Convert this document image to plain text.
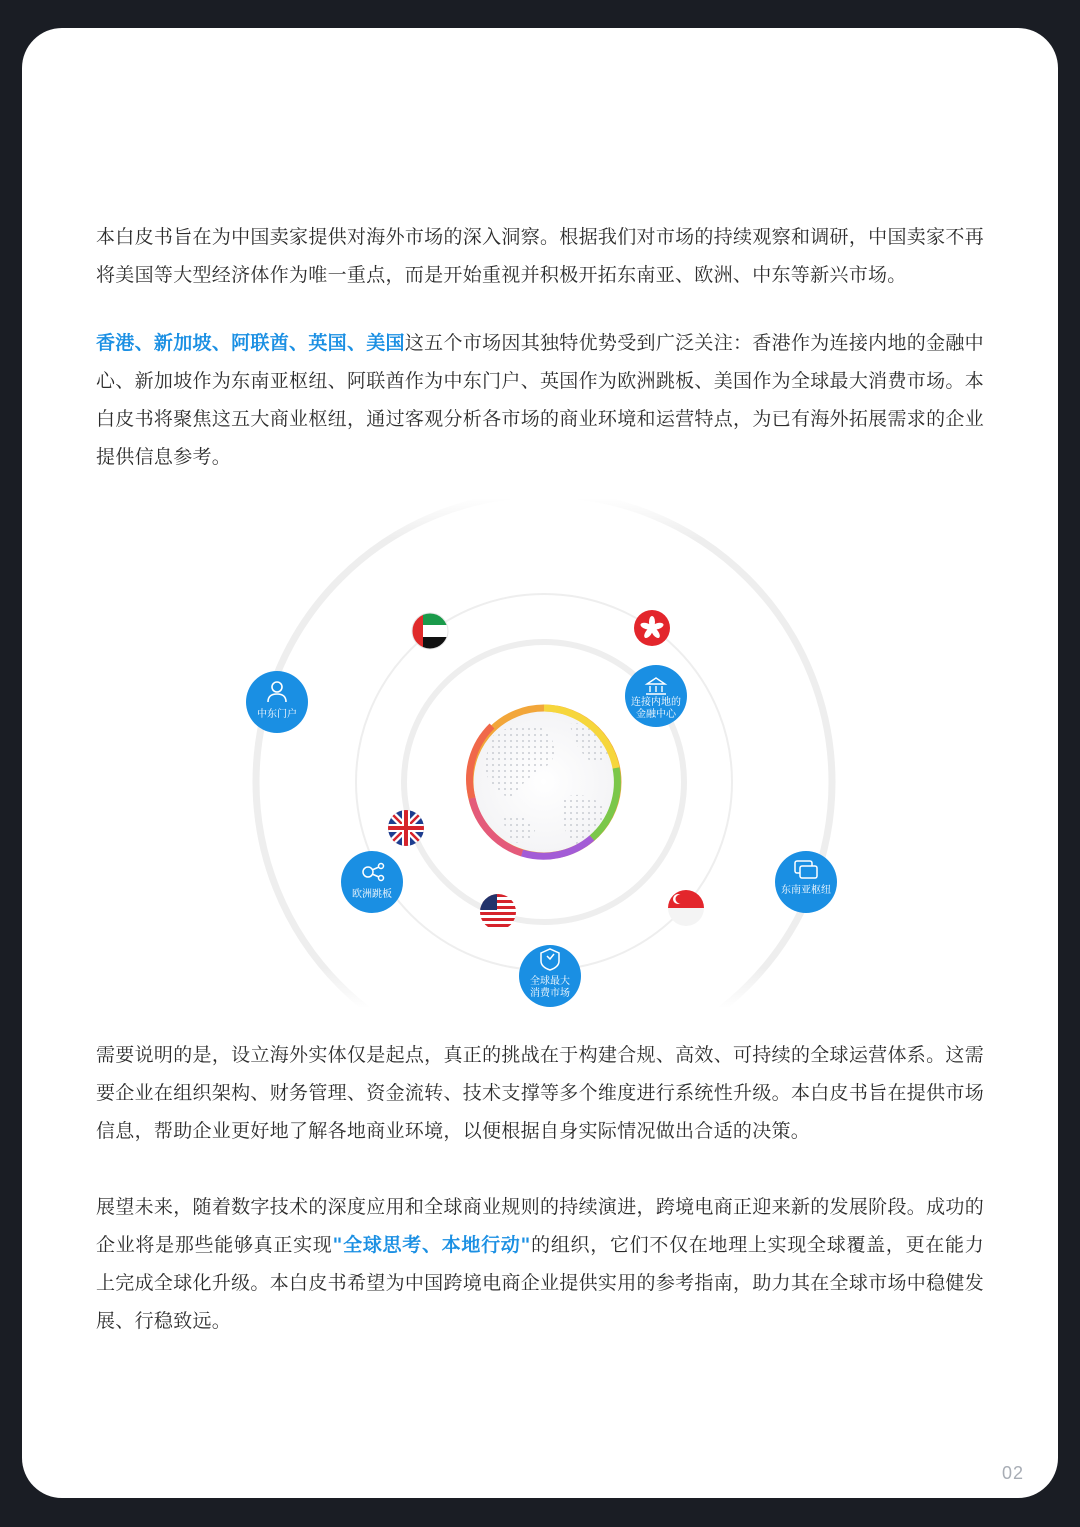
本白皮书旨在为中国卖家提供对海外市场的深入洞察。根据我们对市场的持续观察和调研，中国卖家不再将美国等大型经济体作为唯一重点，而是开始重视并积极开拓东南亚、欧洲、中东等新兴市场。

香港、新加坡、阿联酋、英国、美国这五个市场因其独特优势受到广泛关注：香港作为连接内地的金融中心、新加坡作为东南亚枢纽、阿联酋作为中东门户、英国作为欧洲跳板、美国作为全球最大消费市场。本白皮书将聚焦这五大商业枢纽，通过客观分析各市场的商业环境和运营特点，为已有海外拓展需求的企业提供信息参考。

中东门户
连接内地的
金融中心
欧洲跳板	东南亚枢纽
全球最大
消费市场

需要说明的是，设立海外实体仅是起点，真正的挑战在于构建合规、高效、可持续的全球运营体系。这需要企业在组织架构、财务管理、资金流转、技术支撑等多个维度进行系统性升级。本白皮书旨在提供市场信息，帮助企业更好地了解各地商业环境，以便根据自身实际情况做出合适的决策。

展望未来，随着数字技术的深度应用和全球商业规则的持续演进，跨境电商正迎来新的发展阶段。成功的企业将是那些能够真正实现"全球思考、本地行动"的组织，它们不仅在地理上实现全球覆盖，更在能力上完成全球化升级。本白皮书希望为中国跨境电商企业提供实用的参考指南，助力其在全球市场中稳健发展、行稳致远。

02
